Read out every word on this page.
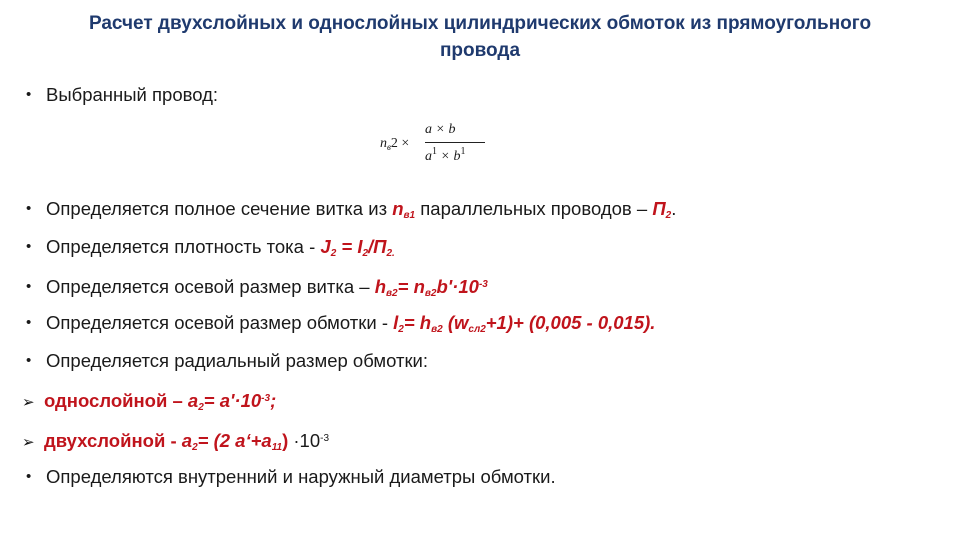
Расчет двухслойных и однослойных цилиндрических обмоток из прямоугольного
провода
• Выбранный провод:
$n_в2$ ×
a × b
$a^1 \times b^1$
• Определяется полное сечение витка из $n_{в1}$ параллельных проводов – $П_2$.
• Определяется плотность тока - $J_2 = I_2/П_{2.}$
• Определяется осевой размер витка – $h_{в2}= n_{в2}b'\cdot 10^{-3}$
• Определяется осевой размер обмотки - $l_2= h_{в2}$ $(w_{сл2}+1)+ (0,005 - 0,015)$.
• Определяется радиальный размер обмотки:
➢ однослойной – $a_2= a'\cdot 10^{-3}$;
➢ двухслойной - $a_2= (2$ $a‘+a_{11}) \cdot 10^{-3}$
• Определяются внутренний и наружный диаметры обмотки.
